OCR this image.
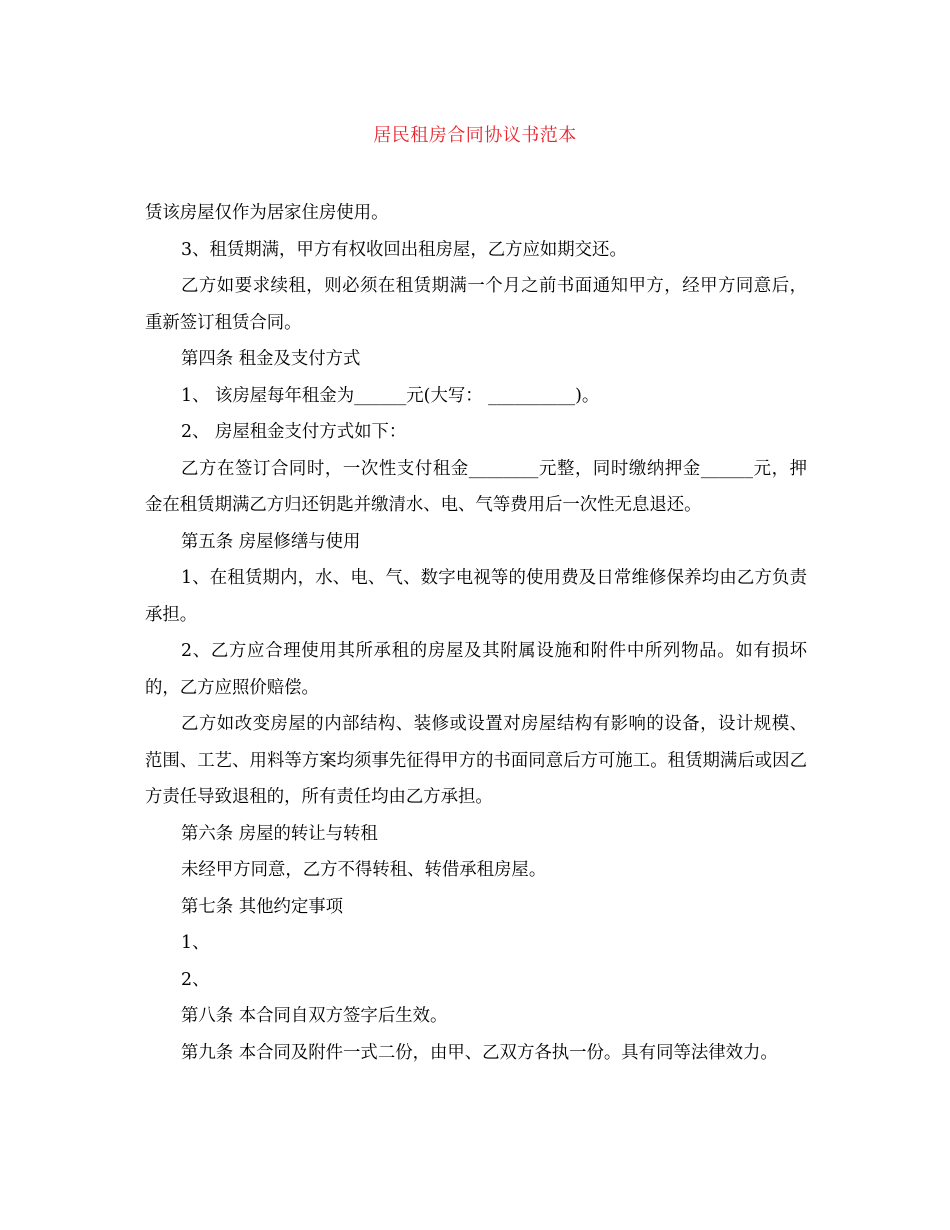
居民租房合同协议书范本

赁该房屋仅作为居家住房使用。

3、租赁期满，甲方有权收回出租房屋，乙方应如期交还。

乙方如要求续租，则必须在租赁期满一个月之前书面通知甲方，经甲方同意后，重新签订租赁合同。

第四条 租金及支付方式

1、 该房屋每年租金为______元(大写： __________)。

2、 房屋租金支付方式如下：

乙方在签订合同时，一次性支付租金________元整，同时缴纳押金______元，押金在租赁期满乙方归还钥匙并缴清水、电、气等费用后一次性无息退还。

第五条 房屋修缮与使用

1、在租赁期内，水、电、气、数字电视等的使用费及日常维修保养均由乙方负责承担。

2、乙方应合理使用其所承租的房屋及其附属设施和附件中所列物品。如有损坏的，乙方应照价赔偿。

乙方如改变房屋的内部结构、装修或设置对房屋结构有影响的设备，设计规模、范围、工艺、用料等方案均须事先征得甲方的书面同意后方可施工。租赁期满后或因乙方责任导致退租的，所有责任均由乙方承担。

第六条 房屋的转让与转租

未经甲方同意，乙方不得转租、转借承租房屋。

第七条 其他约定事项

1、

2、

第八条 本合同自双方签字后生效。

第九条 本合同及附件一式二份，由甲、乙双方各执一份。具有同等法律效力。
